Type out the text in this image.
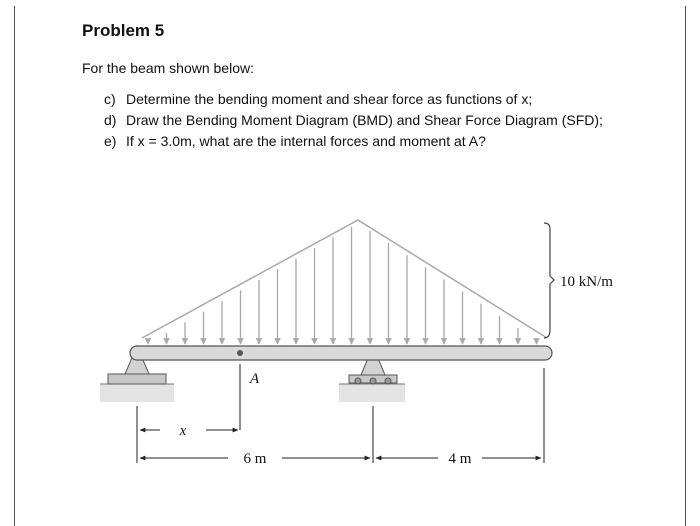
Problem 5
For the beam shown below:
c) Determine the bending moment and shear force as functions of x;
d) Draw the Bending Moment Diagram (BMD) and Shear Force Diagram (SFD);
e) If x = 3.0m, what are the internal forces and moment at A?
10 kN/m
A
x
6 m	4 m
